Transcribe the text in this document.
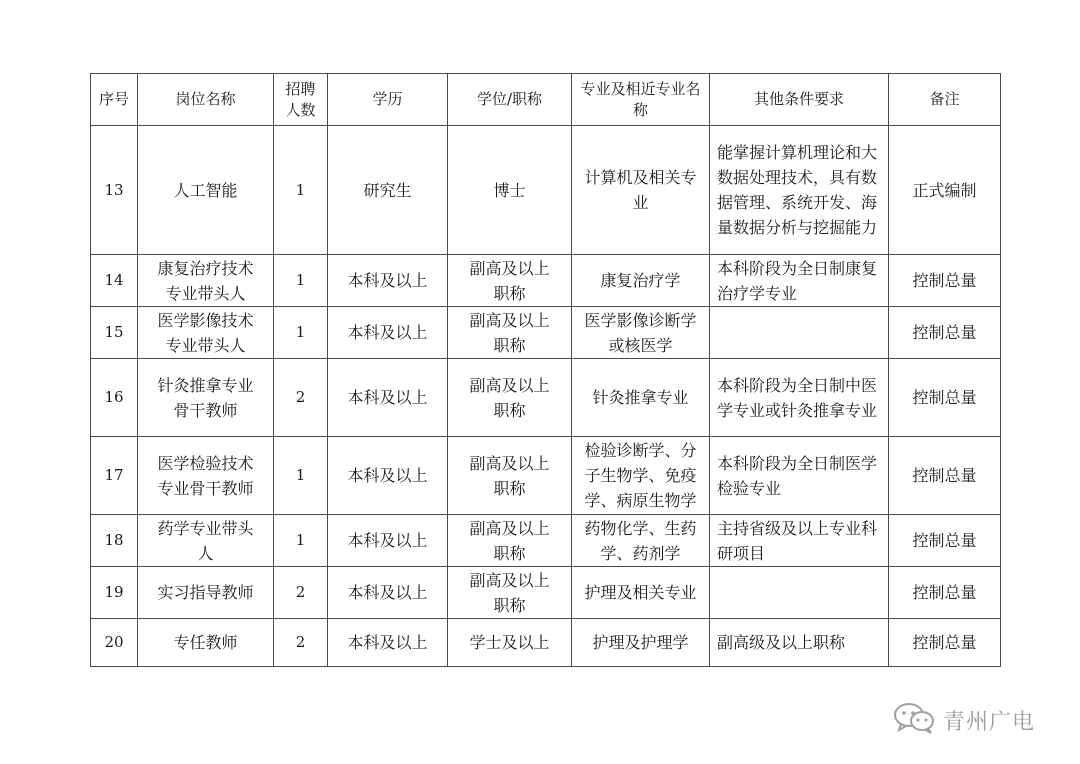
序号	岗位名称	招聘人数	学历	学位/职称	专业及相近专业名称	其他条件要求	备注
13	人工智能	1	研究生	博士	计算机及相关专业	能掌握计算机理论和大数据处理技术，具有数据管理、系统开发、海量数据分析与挖掘能力	正式编制
14	康复治疗技术专业带头人	1	本科及以上	副高及以上职称	康复治疗学	本科阶段为全日制康复治疗学专业	控制总量
15	医学影像技术专业带头人	1	本科及以上	副高及以上职称	医学影像诊断学或核医学		控制总量
16	针灸推拿专业骨干教师	2	本科及以上	副高及以上职称	针灸推拿专业	本科阶段为全日制中医学专业或针灸推拿专业	控制总量
17	医学检验技术专业骨干教师	1	本科及以上	副高及以上职称	检验诊断学、分子生物学、免疫学、病原生物学	本科阶段为全日制医学检验专业	控制总量
18	药学专业带头人	1	本科及以上	副高及以上职称	药物化学、生药学、药剂学	主持省级及以上专业科研项目	控制总量
19	实习指导教师	2	本科及以上	副高及以上职称	护理及相关专业		控制总量
20	专任教师	2	本科及以上	学士及以上	护理及护理学	副高级及以上职称	控制总量
青州广电
